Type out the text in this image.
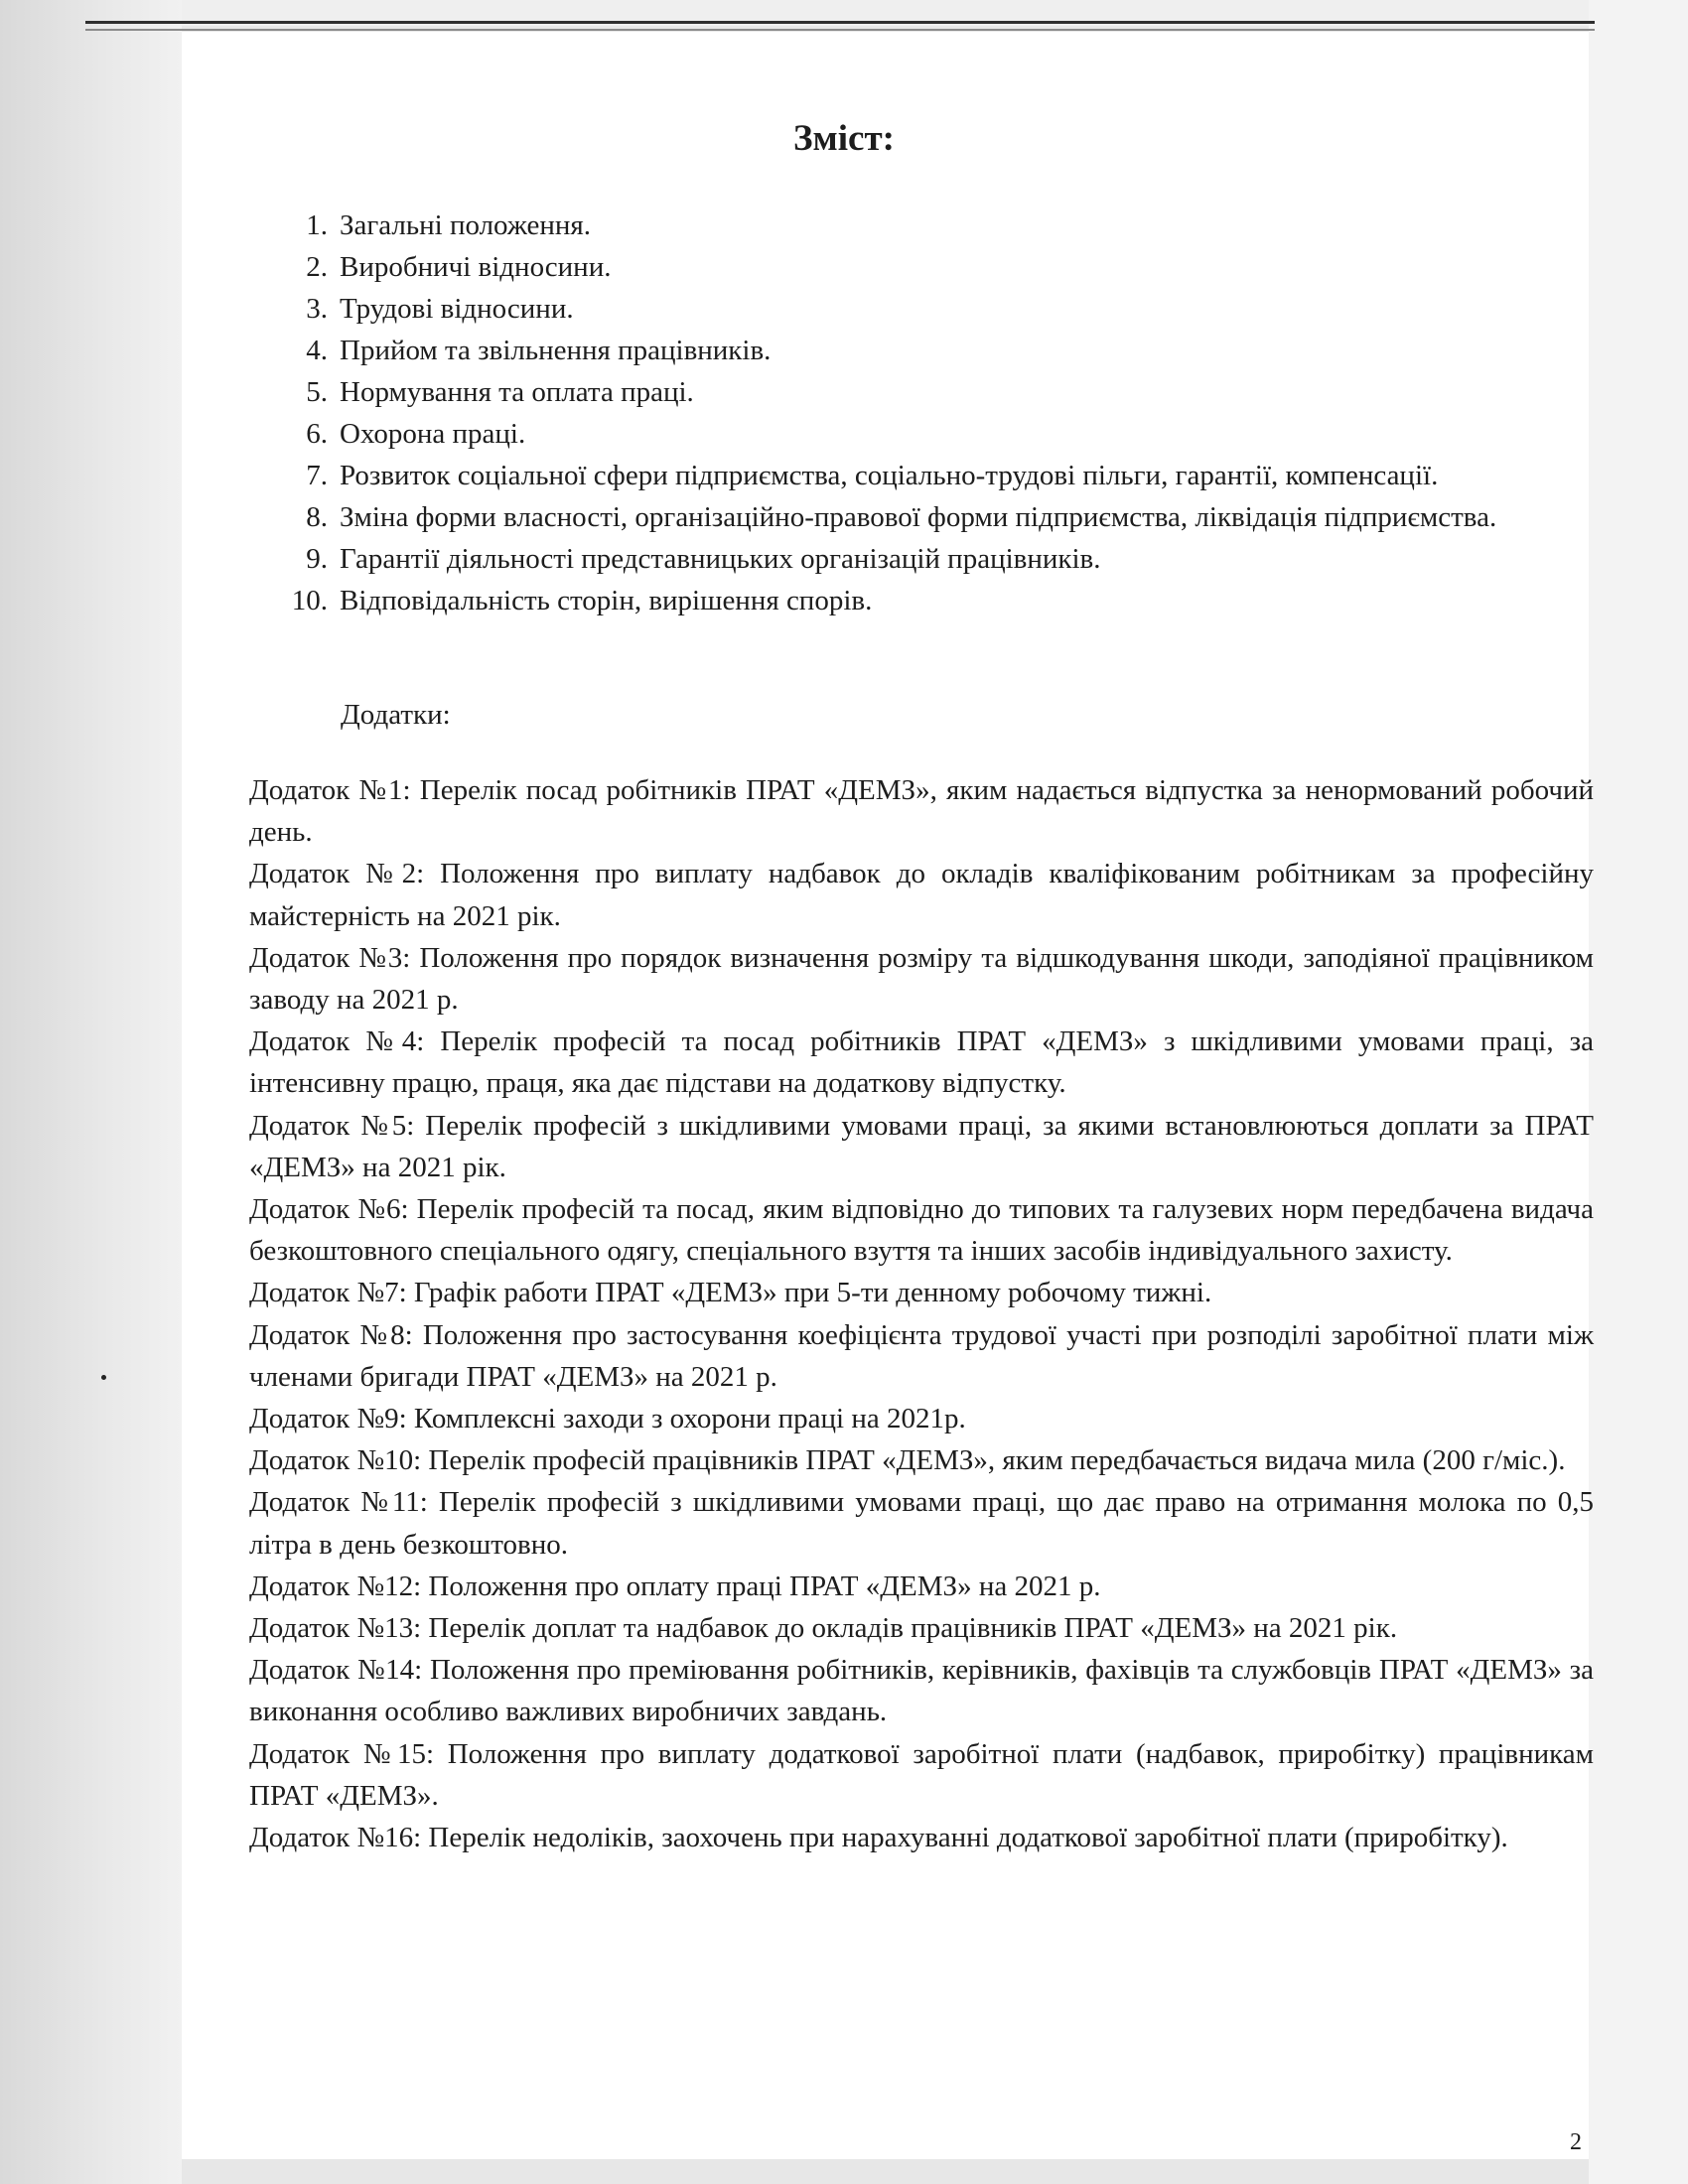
Зміст:
1. Загальні положення.
2. Виробничі відносини.
3. Трудові відносини.
4. Прийом та звільнення працівників.
5. Нормування та оплата праці.
6. Охорона праці.
7. Розвиток соціальної сфери підприємства, соціально-трудові пільги, гарантії, компенсації.
8. Зміна форми власності, організаційно-правової форми підприємства, ліквідація підприємства.
9. Гарантії діяльності представницьких організацій працівників.
10. Відповідальність сторін, вирішення спорів.

Додатки:

Додаток №1: Перелік посад робітників ПРАТ «ДЕМЗ», яким надається відпустка за ненормований робочий день.

Додаток №2: Положення про виплату надбавок до окладів кваліфікованим робітникам за професійну майстерність на 2021 рік.

Додаток №3: Положення про порядок визначення розміру та відшкодування шкоди, заподіяної працівником заводу на 2021 р.

Додаток №4: Перелік професій та посад робітників ПРАТ «ДЕМЗ» з шкідливими умовами праці, за інтенсивну працю, праця, яка дає підстави на додаткову відпустку.

Додаток №5: Перелік професій з шкідливими умовами праці, за якими встановлюються доплати за ПРАТ «ДЕМЗ» на 2021 рік.

Додаток №6: Перелік професій та посад, яким відповідно до типових та галузевих норм передбачена видача безкоштовного спеціального одягу, спеціального взуття та інших засобів індивідуального захисту.

Додаток №7: Графік работи ПРАТ «ДЕМЗ» при 5-ти денному робочому тижні.

Додаток №8: Положення про застосування коефіцієнта трудової участі при розподілі заробітної плати між членами бригади ПРАТ «ДЕМЗ» на 2021 р.

Додаток №9: Комплексні заходи з охорони праці на 2021р.

Додаток №10: Перелік професій працівників ПРАТ «ДЕМЗ», яким передбачається видача мила (200 г/міс.).

Додаток №11: Перелік професій з шкідливими умовами праці, що дає право на отримання молока по 0,5 літра в день безкоштовно.

Додаток №12: Положення про оплату праці ПРАТ «ДЕМЗ» на 2021 р.

Додаток №13: Перелік доплат та надбавок до окладів працівників ПРАТ «ДЕМЗ» на 2021 рік.

Додаток №14: Положення про преміювання робітників, керівників, фахівців та службовців ПРАТ «ДЕМЗ» за виконання особливо важливих виробничих завдань.

Додаток №15: Положення про виплату додаткової заробітної плати (надбавок, приробітку) працівникам ПРАТ «ДЕМЗ».

Додаток №16: Перелік недоліків, заохочень при нарахуванні додаткової заробітної плати (приробітку).

2
